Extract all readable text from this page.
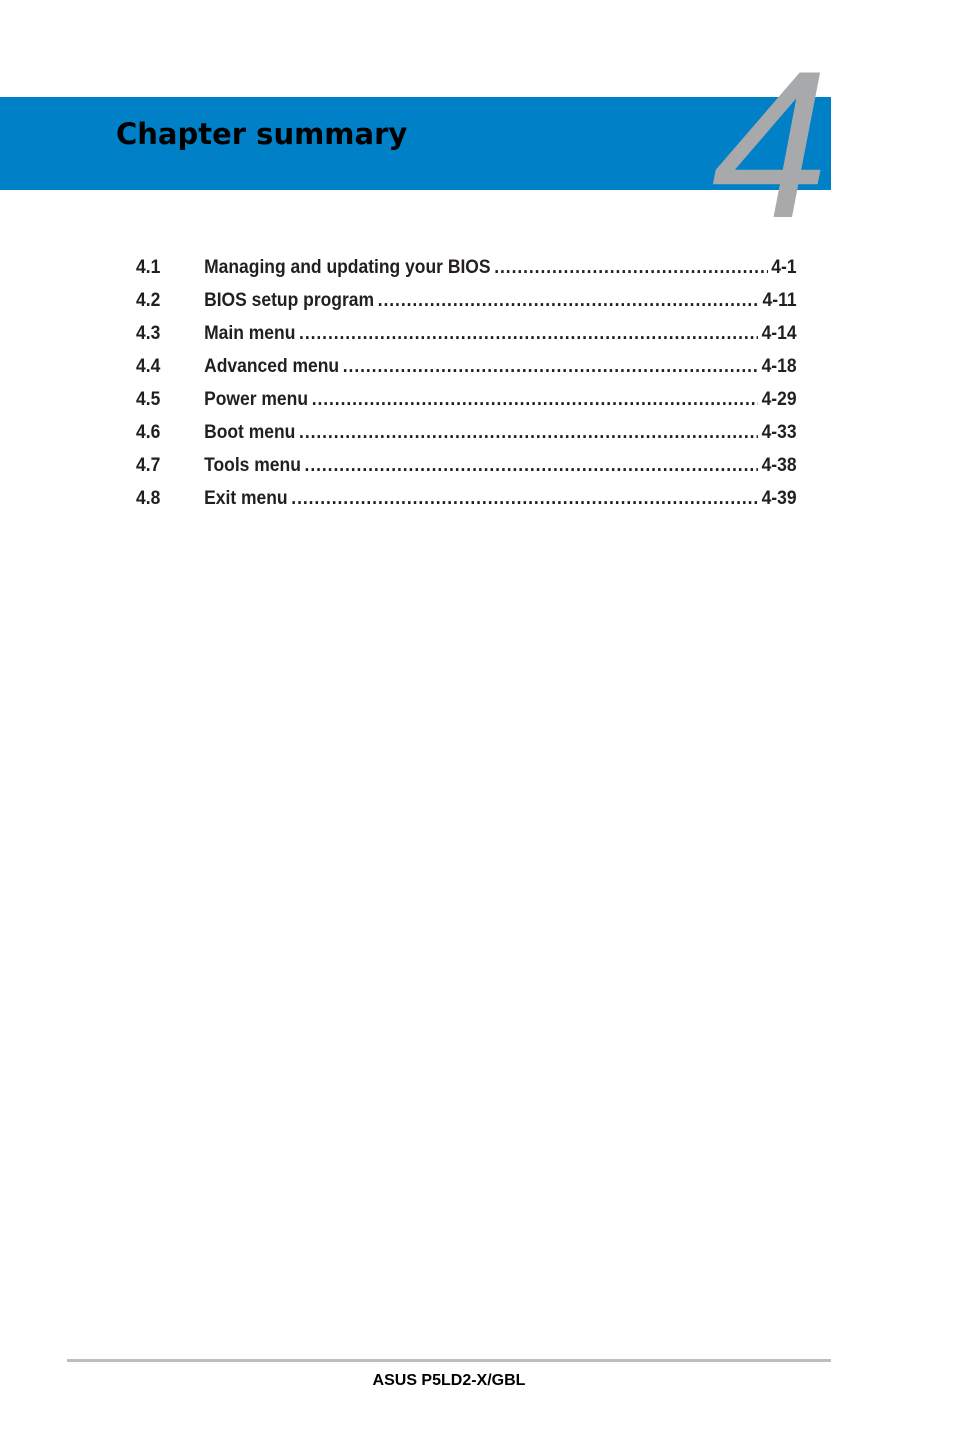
Chapter summary 4
4.1	Managing and updating your BIOS .....	4-1
4.2	BIOS setup program .....	4-11
4.3	Main menu .....	4-14
4.4	Advanced menu .....	4-18
4.5	Power menu .....	4-29
4.6	Boot menu .....	4-33
4.7	Tools menu .....	4-38
4.8	Exit menu .....	4-39
ASUS P5LD2-X/GBL
